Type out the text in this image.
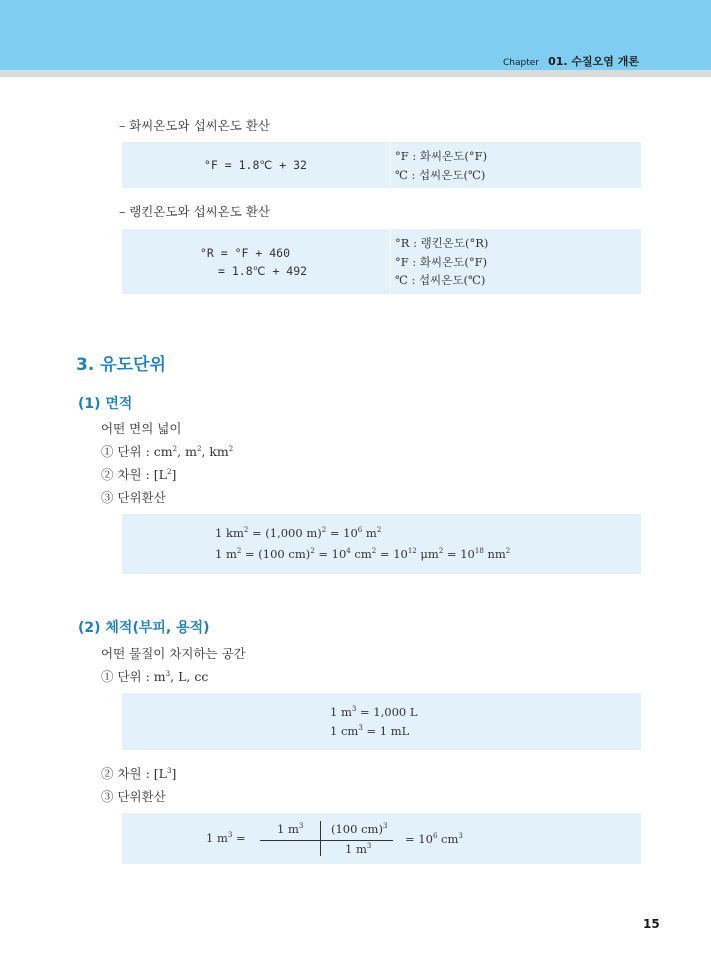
Chapter 01. 수질오염 개론
– 화씨온도와 섭씨온도 환산
°F = 1.8℃ + 32
°F : 화씨온도(°F)
℃ : 섭씨온도(℃)
– 랭킨온도와 섭씨온도 환산
°R = °F + 460
= 1.8℃ + 492
°R : 랭킨온도(°R)
°F : 화씨온도(°F)
℃ : 섭씨온도(℃)
3. 유도단위
(1) 면적
어떤 면의 넓이
① 단위 : $cm^2$, $m^2$, $km^2$
② 차원 : $[L^2]$
③ 단위환산
1 $km^2 = (1,000$ $m)^2 = 10^6$ $m^2$
1 $m^2 = (100$ $cm)^2 = 10^4$ $cm^2 = 10^{12}$ $\mu m^2 = 10^{18}$ $nm^2$
(2) 체적(부피, 용적)
어떤 물질이 차지하는 공간
① 단위 : $m^3$, L, cc
1 $m^3 = 1,000$ L
1 $cm^3 = 1$ mL
② 차원 : $[L^3]$
③ 단위환산
1 $m^3$ =
1 $m^3$ (100 cm)$^3$
1 $m^3$	= $10^6$ $cm^3$
15
